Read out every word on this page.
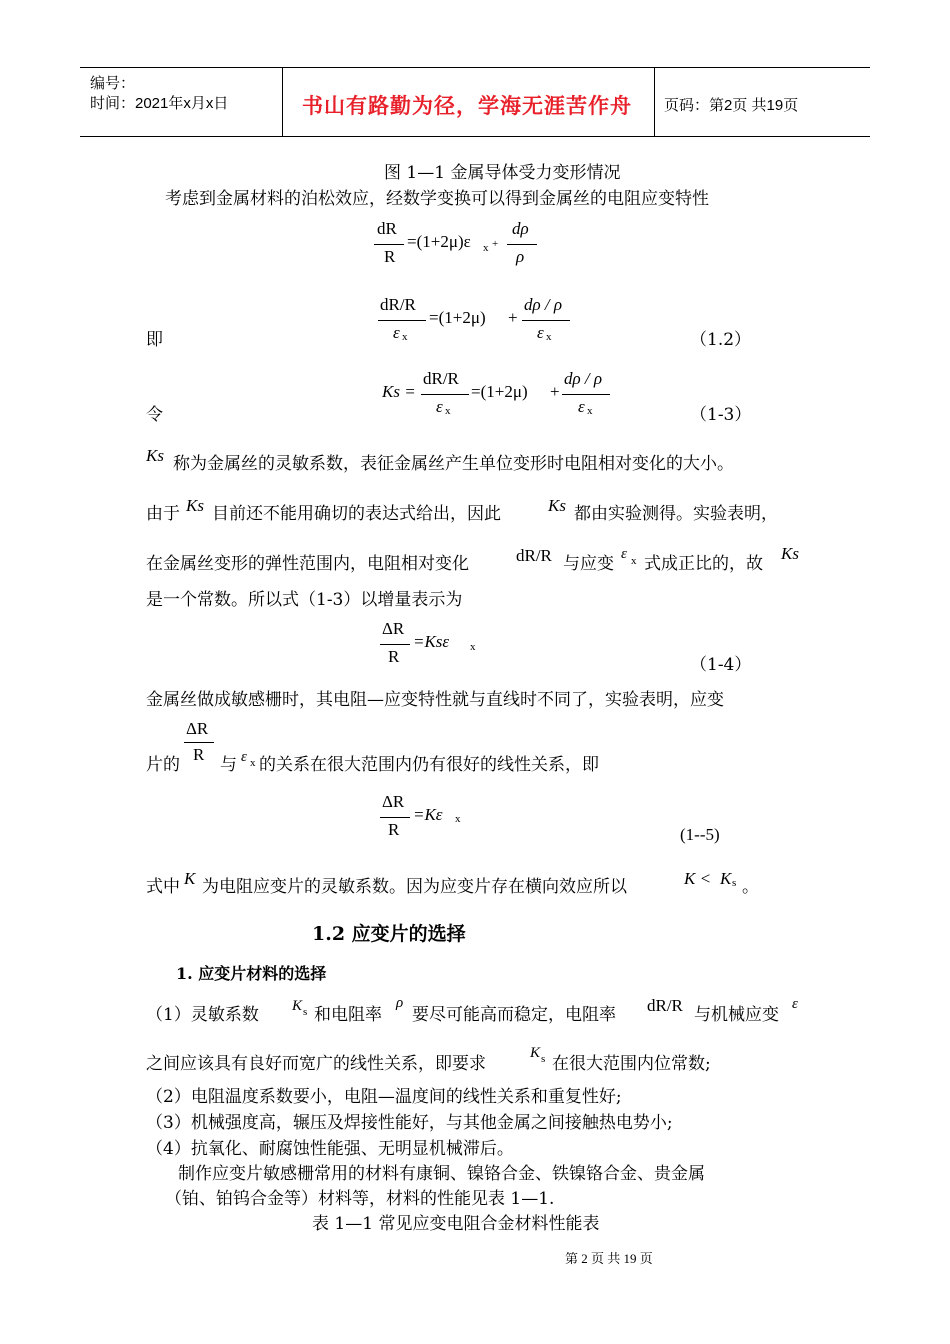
编号：
时间：2021年x月x日	书山有路勤为径，学海无涯苦作舟 页码：第2页 共19页
图 1—1 金属导体受力变形情况
考虑到金属材料的泊松效应，经数学变换可以得到金属丝的电阻应变特性
dR
R
=(1+2μ)ε x +
dρ
ρ
即
dR/R
ε x
=(1+2μ) +
dρ / ρ
ε x	（1.2）
令
Ks =
dR/R
ε x
=(1+2μ) +
dρ / ρ
ε x	（1-3）
Ks 称为金属丝的灵敏系数，表征金属丝产生单位变形时电阻相对变化的大小。
由于 Ks 目前还不能用确切的表达式给出，因此	Ks 都由实验测得。实验表明，
在金属丝变形的弹性范围内，电阻相对变化	dR/R 与应变 ε x 式成正比的，故
Ks
是一个常数。所以式（1-3）以增量表示为
ΔR
R
=Ksε x
（1-4）
金属丝做成敏感栅时，其电阻—应变特性就与直线时不同了，实验表明，应变
片的
ΔR
R
与 ε x 的关系在很大范围内仍有很好的线性关系，即
ΔR
R
=Kε x
(1--5)
式中 K 为电阻应变片的灵敏系数。因为应变片存在横向效应所以	K < K s 。
1.2 应变片的选择
1. 应变片材料的选择
（1）灵敏系数 K s 和电阻率
ρ
要尽可能高而稳定，电阻率 dR/R 与机械应变
ε
之间应该具有良好而宽广的线性关系，即要求
K s 在很大范围内位常数;
（2）电阻温度系数要小，电阻—温度间的线性关系和重复性好;
（3）机械强度高，辗压及焊接性能好，与其他金属之间接触热电势小;
（4）抗氧化、耐腐蚀性能强、无明显机械滞后。
制作应变片敏感栅常用的材料有康铜、镍铬合金、铁镍铬合金、贵金属
（铂、铂钨合金等）材料等，材料的性能见表 1—1.
表 1—1 常见应变电阻合金材料性能表
第 2 页 共 19 页
